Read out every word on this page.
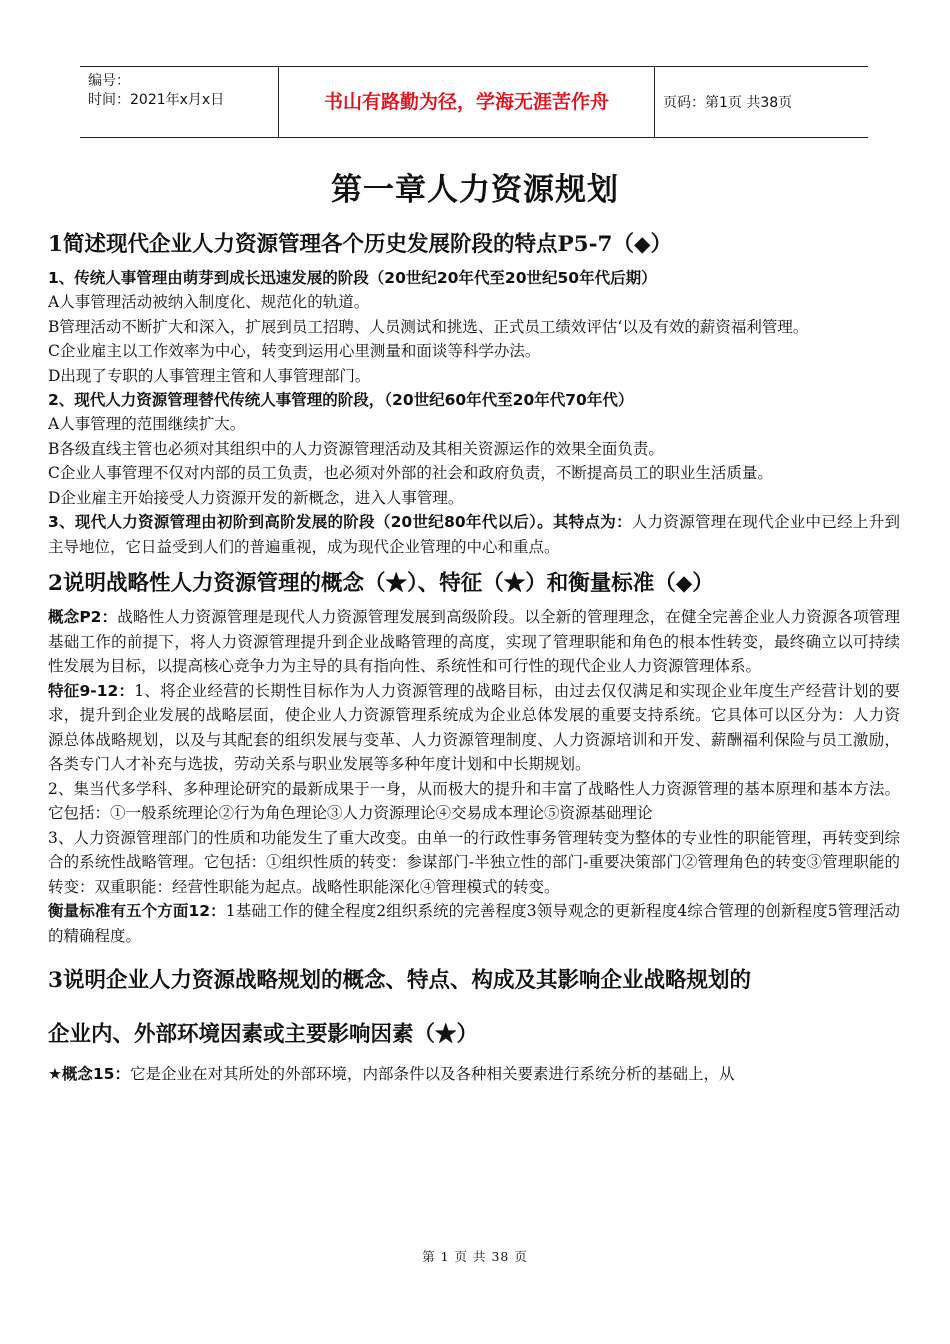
编号：
时间：2021年x月x日	书山有路勤为径，学海无涯苦作舟	页码：第1页 共38页
第一章人力资源规划
1简述现代企业人力资源管理各个历史发展阶段的特点P5-7（◆）
1、传统人事管理由萌芽到成长迅速发展的阶段（20世纪20年代至20世纪50年代后期）

A人事管理活动被纳入制度化、规范化的轨道。

B管理活动不断扩大和深入，扩展到员工招聘、人员测试和挑选、正式员工绩效评估‘以及有效的薪资福利管理。

C企业雇主以工作效率为中心，转变到运用心里测量和面谈等科学办法。

D出现了专职的人事管理主管和人事管理部门。

2、现代人力资源管理替代传统人事管理的阶段，（20世纪60年代至20年代70年代）

A人事管理的范围继续扩大。

B各级直线主管也必须对其组织中的人力资源管理活动及其相关资源运作的效果全面负责。

C企业人事管理不仅对内部的员工负责，也必须对外部的社会和政府负责，不断提高员工的职业生活质量。

D企业雇主开始接受人力资源开发的新概念，进入人事管理。

3、现代人力资源管理由初阶到高阶发展的阶段（20世纪80年代以后）。其特点为：人力资源管理在现代企业中已经上升到主导地位，它日益受到人们的普遍重视，成为现代企业管理的中心和重点。

2说明战略性人力资源管理的概念（★）、特征（★）和衡量标准（◆）

概念P2：战略性人力资源管理是现代人力资源管理发展到高级阶段。以全新的管理理念，在健全完善企业人力资源各项管理基础工作的前提下，将人力资源管理提升到企业战略管理的高度，实现了管理职能和角色的根本性转变，最终确立以可持续性发展为目标，以提高核心竞争力为主导的具有指向性、系统性和可行性的现代企业人力资源管理体系。

特征9-12：1、将企业经营的长期性目标作为人力资源管理的战略目标，由过去仅仅满足和实现企业年度生产经营计划的要求，提升到企业发展的战略层面，使企业人力资源管理系统成为企业总体发展的重要支持系统。它具体可以区分为：人力资源总体战略规划，以及与其配套的组织发展与变革、人力资源管理制度、人力资源培训和开发、薪酬福利保险与员工激励，各类专门人才补充与选拔，劳动关系与职业发展等多种年度计划和中长期规划。

2、集当代多学科、多种理论研究的最新成果于一身，从而极大的提升和丰富了战略性人力资源管理的基本原理和基本方法。它包括：①一般系统理论②行为角色理论③人力资源理论④交易成本理论⑤资源基础理论

3、人力资源管理部门的性质和功能发生了重大改变。由单一的行政性事务管理转变为整体的专业性的职能管理，再转变到综合的系统性战略管理。它包括：①组织性质的转变：参谋部门-半独立性的部门-重要决策部门②管理角色的转变③管理职能的转变：双重职能：经营性职能为起点。战略性职能深化④管理模式的转变。

衡量标准有五个方面12：1基础工作的健全程度2组织系统的完善程度3领导观念的更新程度4综合管理的创新程度5管理活动的精确程度。

3说明企业人力资源战略规划的概念、特点、构成及其影响企业战略规划的
企业内、外部环境因素或主要影响因素（★）

★概念15：它是企业在对其所处的外部环境，内部条件以及各种相关要素进行系统分析的基础上，从

第 1 页 共 38 页
